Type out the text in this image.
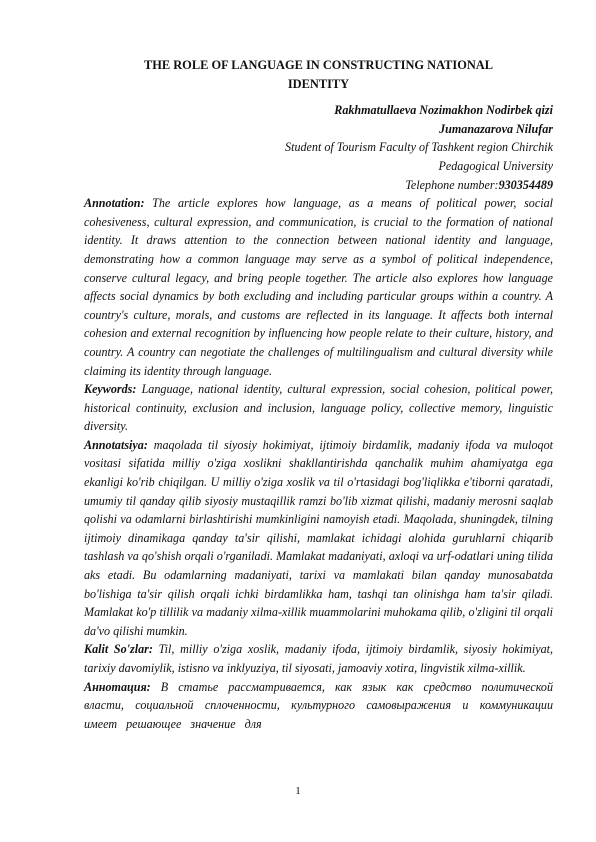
THE ROLE OF LANGUAGE IN CONSTRUCTING NATIONAL
IDENTITY
Rakhmatullaeva Nozimakhon Nodirbek qizi
Jumanazarova Nilufar
Student of Tourism Faculty of Tashkent region Chirchik
Pedagogical University
Telephone number:930354489

Annotation: The article explores how language, as a means of political power, social cohesiveness, cultural expression, and communication, is crucial to the formation of national identity. It draws attention to the connection between national identity and language, demonstrating how a common language may serve as a symbol of political independence, conserve cultural legacy, and bring people together. The article also explores how language affects social dynamics by both excluding and including particular groups within a country. A country's culture, morals, and customs are reflected in its language. It affects both internal cohesion and external recognition by influencing how people relate to their culture, history, and country. A country can negotiate the challenges of multilingualism and cultural diversity while claiming its identity through language.

Keywords: Language, national identity, cultural expression, social cohesion, political power, historical continuity, exclusion and inclusion, language policy, collective memory, linguistic diversity.

Annotatsiya: maqolada til siyosiy hokimiyat, ijtimoiy birdamlik, madaniy ifoda va muloqot vositasi sifatida milliy o'ziga xoslikni shakllantirishda qanchalik muhim ahamiyatga ega ekanligi ko'rib chiqilgan. U milliy o'ziga xoslik va til o'rtasidagi bog'liqlikka e'tiborni qaratadi, umumiy til qanday qilib siyosiy mustaqillik ramzi bo'lib xizmat qilishi, madaniy merosni saqlab qolishi va odamlarni birlashtirishi mumkinligini namoyish etadi. Maqolada, shuningdek, tilning ijtimoiy dinamikaga qanday ta'sir qilishi, mamlakat ichidagi alohida guruhlarni chiqarib tashlash va qo'shish orqali o'rganiladi. Mamlakat madaniyati, axloqi va urf-odatlari uning tilida aks etadi. Bu odamlarning madaniyati, tarixi va mamlakati bilan qanday munosabatda bo'lishiga ta'sir qilish orqali ichki birdamlikka ham, tashqi tan olinishga ham ta'sir qiladi. Mamlakat ko'p tillilik va madaniy xilma-xillik muammolarini muhokama qilib, o'zligini til orqali da'vo qilishi mumkin.

Kalit So'zlar: Til, milliy o'ziga xoslik, madaniy ifoda, ijtimoiy birdamlik, siyosiy hokimiyat, tarixiy davomiylik, istisno va inklyuziya, til siyosati, jamoaviy xotira, lingvistik xilma-xillik.

Аннотация: В статье рассматривается, как язык как средство политической власти, социальной сплоченности, культурного самовыражения и коммуникации имеет решающее значение для

1
